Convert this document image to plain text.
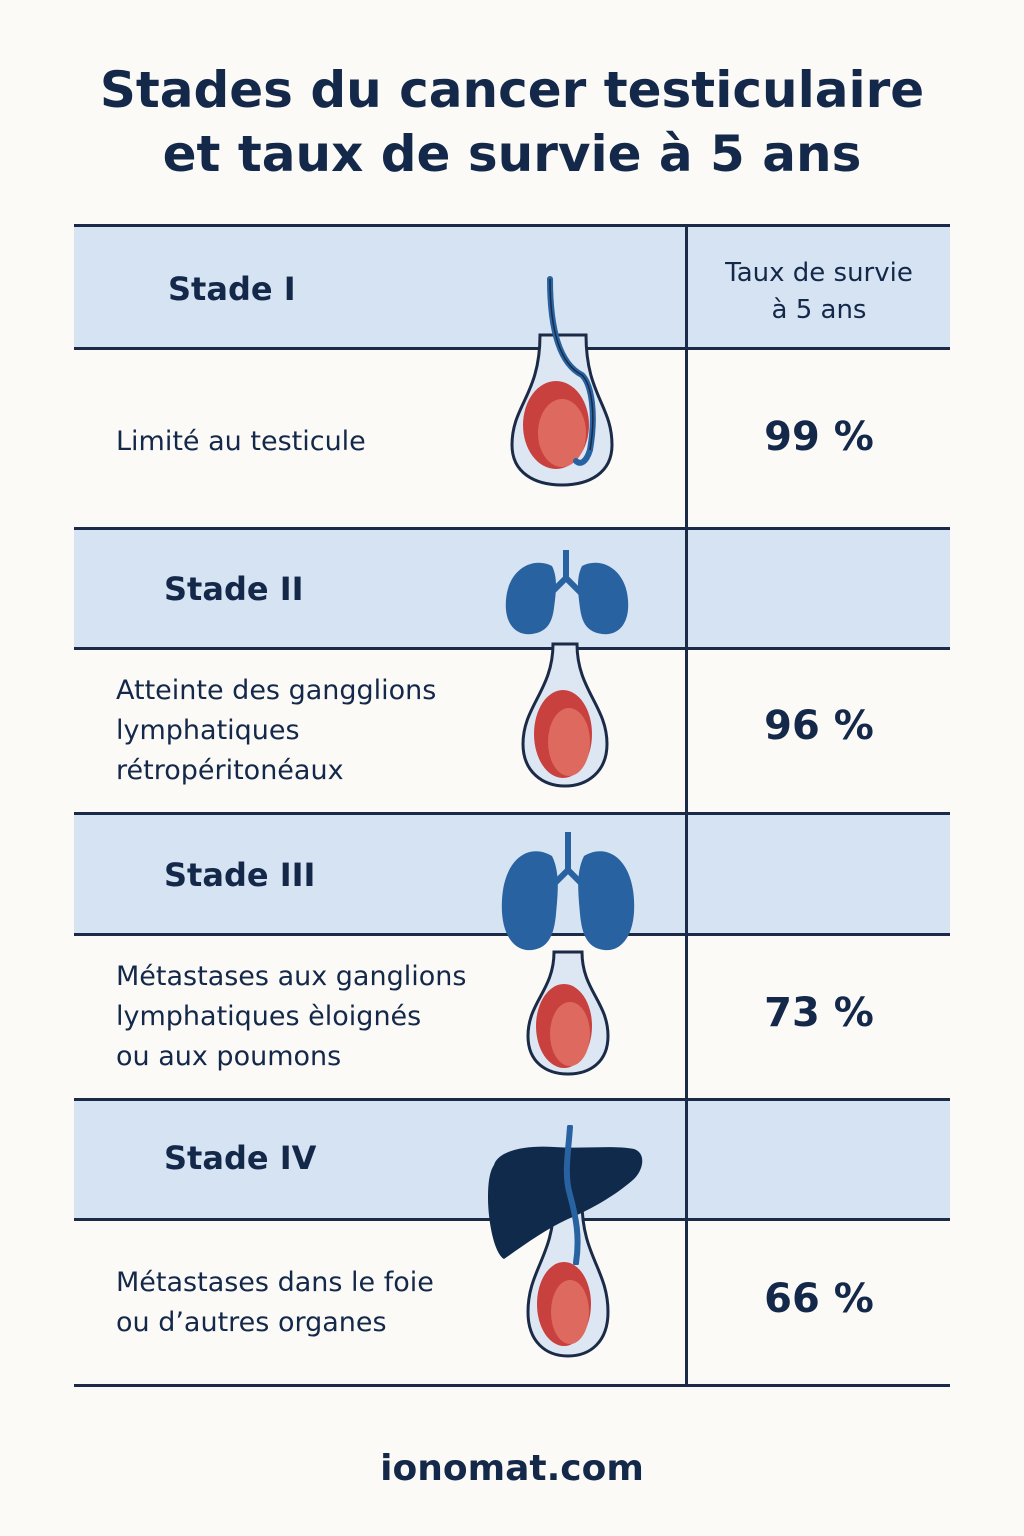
Stades du cancer testiculaire
et taux de survie à 5 ans
Taux de survie
à 5 ans
Stade I
Stade II
Stade III
Stade IV
Limité au testicule
Atteinte des gangglions
lymphatiques
rétropéritonéaux
Métastases aux ganglions
lymphatiques èloignés
ou aux poumons
Métastases dans le foie
ou d’autres organes
99 %
96 %
73 %
66 %
ionomat.com
